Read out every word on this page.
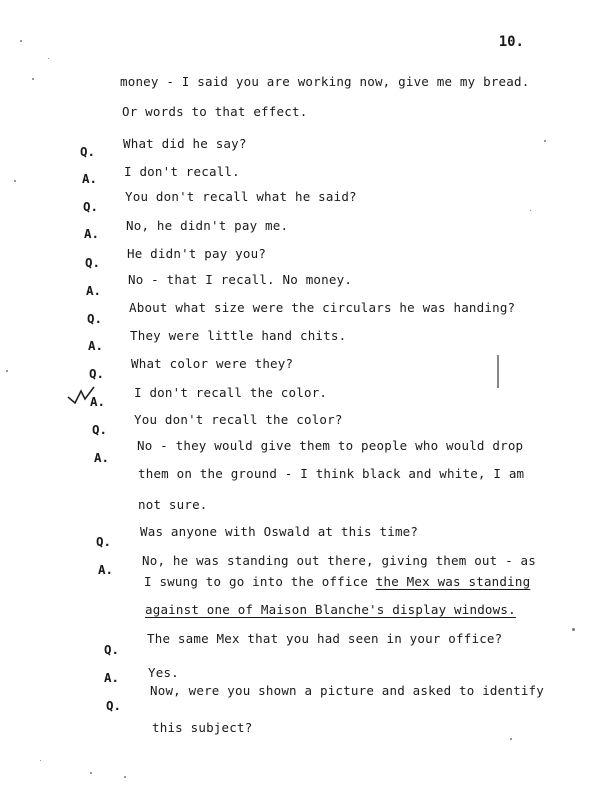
10.
money - I said you are working now, give me my bread.
Or words to that effect.
Q.
What did he say?
A. I don't recall.
Q.
You don't recall what he said?
A.
No, he didn't pay me.
Q.
He didn't pay you?
A.
No - that I recall. No money.
Q.
About what size were the circulars he was handing?
A.
They were little hand chits.
Q.
What color were they?
A.
I don't recall the color.
Q.
You don't recall the color?
A.
No - they would give them to people who would drop
them on the ground - I think black and white, I am
not sure.
Q.
Was anyone with Oswald at this time?
A.
No, he was standing out there, giving them out - as
I swung to go into the office the Mex was standing
against one of Maison Blanche's display windows.
Q.
The same Mex that you had seen in your office?
A. Yes.
Q.
Now, were you shown a picture and asked to identify
this subject?
